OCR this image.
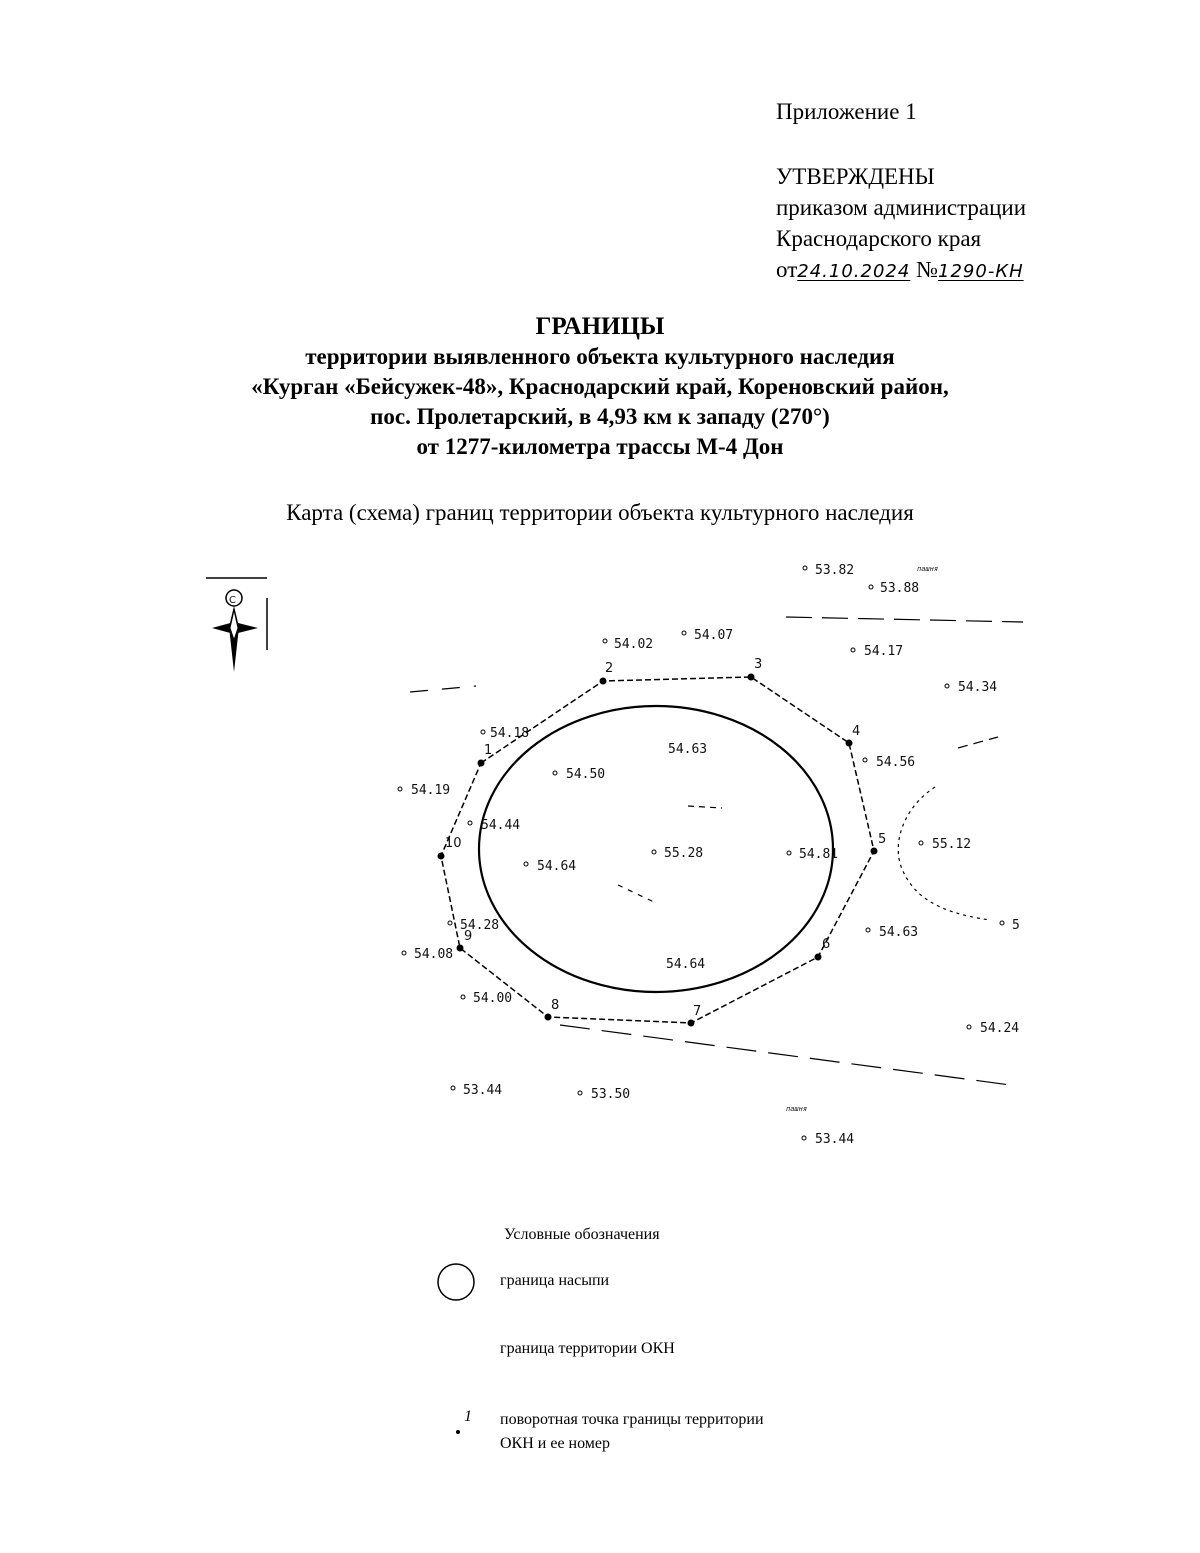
Приложение 1
УТВЕРЖДЕНЫ
приказом администрации
Краснодарского края
от24.10.2024 №1290-КН
ГРАНИЦЫ
территории выявленного объекта культурного наследия
«Курган «Бейсужек-48», Краснодарский край, Кореновский район,
пос. Пролетарский, в 4,93 км к западу (270°)
от 1277-километра трассы М-4 Дон
Карта (схема) границ территории объекта культурного наследия
С
1
2	3
4
5
6
7
8
9
10
53.82
53.88
54.02
54.07
54.17
54.34
54.18
54.63
54.50
54.56
54.19
54.44
55.12
54.64
55.28	54.81
54.28	54.63	5
54.08
54.64
54.00
54.24
53.44	53.50
53.44
пашня
пашня
Условные обозначения
граница насыпи
граница территории ОКН
1 поворотная точка границы территории
ОКН и ее номер
